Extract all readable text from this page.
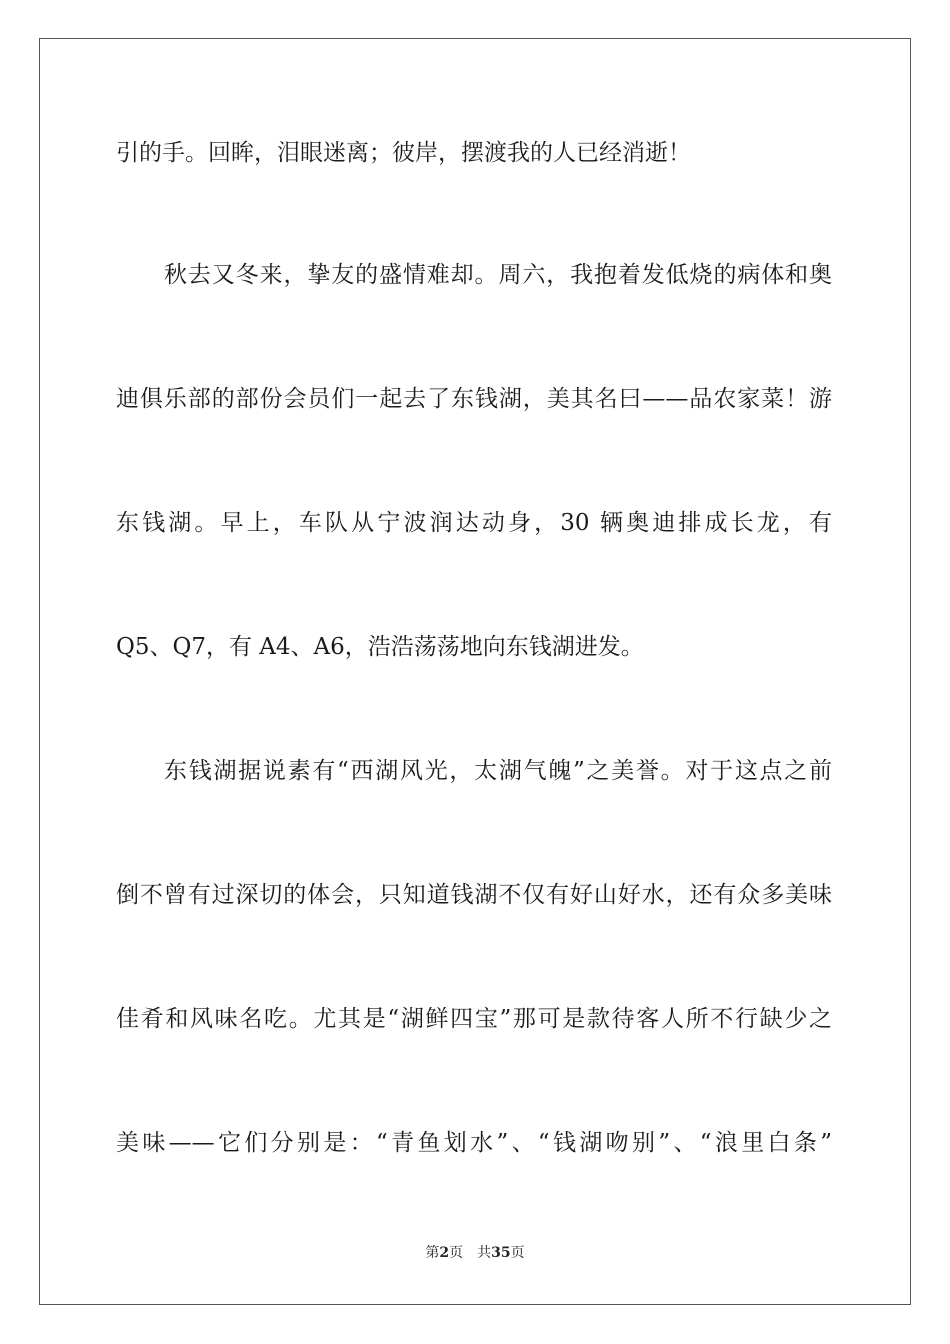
引的手。回眸，泪眼迷离；彼岸，摆渡我的人已经消逝！
秋去又冬来，挚友的盛情难却。周六，我抱着发低烧的病体和奥
迪俱乐部的部份会员们一起去了东钱湖，美其名曰——品农家菜！游
东钱湖。早上，车队从宁波润达动身，30 辆奥迪排成长龙，有
Q5、Q7，有 A4、A6，浩浩荡荡地向东钱湖进发。
东钱湖据说素有“西湖风光，太湖气魄”之美誉。对于这点之前
倒不曾有过深切的体会，只知道钱湖不仅有好山好水，还有众多美味
佳肴和风味名吃。尤其是“湖鲜四宝”那可是款待客人所不行缺少之
美味——它们分别是：“青鱼划水”、“钱湖吻别”、“浪里白条”
第2页 共35页
